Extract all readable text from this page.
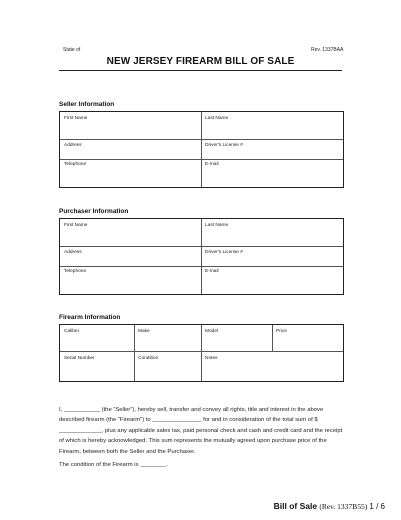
State of	Rev. 1337BAA
NEW JERSEY FIREARM BILL OF SALE
Seller Information
First Name	Last Name
Address	Driver's License #
Telephone	E-mail
Purchaser Information
First Name	Last Name
Address	Driver's License #
Telephone	E-mail
Firearm Information
Caliber	Make	Model	Price
Serial Number	Condition	Notes
I, ___________ (the “Seller”), hereby sell, transfer and convey all rights, title and interest in the above described firearm (the “Firearm”) to _______________ for and in consideration of the total sum of $ _____________, plus any applicable sales tax, paid personal check and cash and credit card and the receipt of which is hereby acknowledged. This sum represents the mutually agreed upon purchase price of the Firearm, between both the Seller and the Purchaser.
The condition of the Firearm is ________.
Bill of Sale (Rev. 1337B55) 1 / 6
